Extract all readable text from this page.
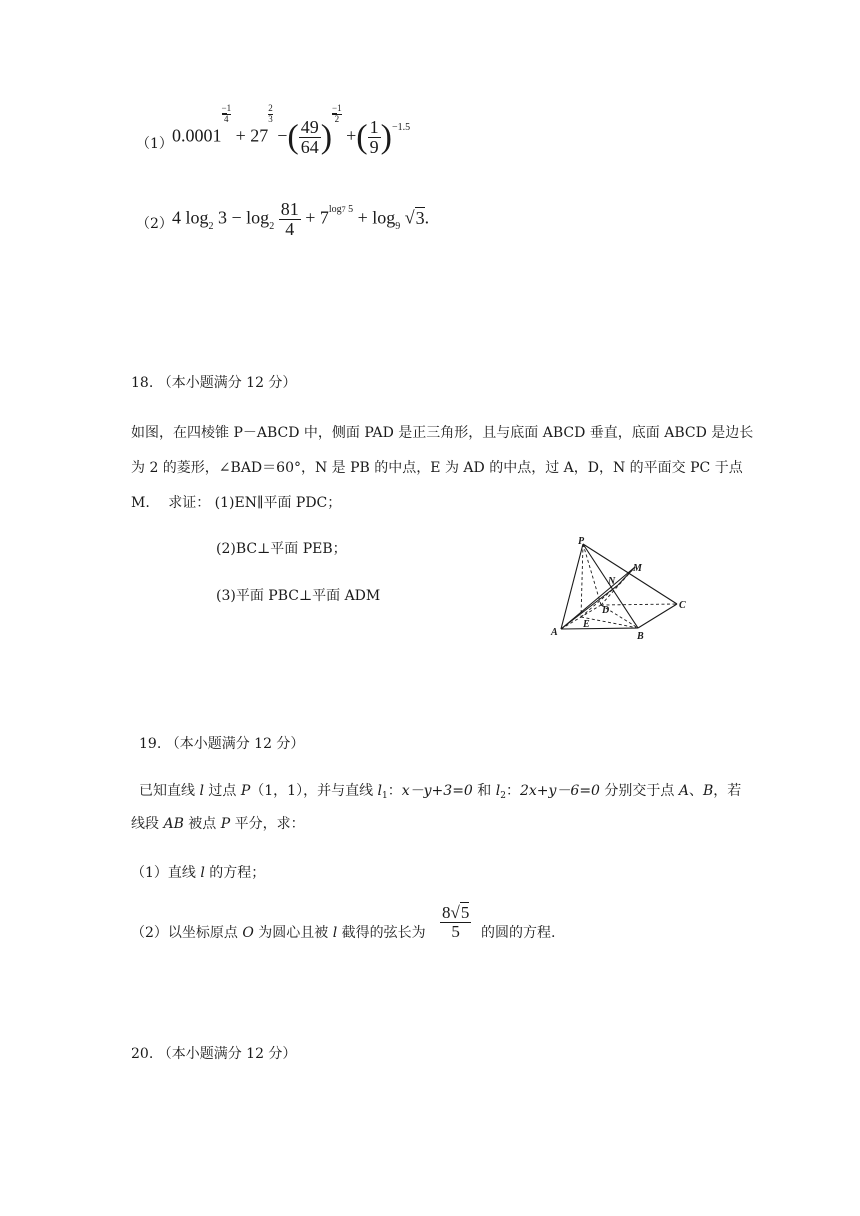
（1） 0.0001
$\frac{-1}{4}$
+ 27
$\frac{2}{3}$
−( $\frac{49}{64}$ )
$\frac{-1}{2}$
+( $\frac{1}{9} )^{-1.5}$
（2） 4 $\log_2 3 - \log_2 \frac{81}{4} + 7^{log7 5} + \log_9 √3$.
18. （本小题满分 12 分）
如图，在四棱锥 P－ABCD 中，侧面 PAD 是正三角形，且与底面 ABCD 垂直，底面 ABCD 是边长
为 2 的菱形，∠BAD＝60°，N 是 PB 的中点，E 为 AD 的中点，过 A，D，N 的平面交 PC 于点
M.　 求证： (1)EN∥平面 PDC；
(2)BC⊥平面 PEB；
(3)平面 PBC⊥平面 ADM
P
M
N
D	C
A
E
B
19. （本小题满分 12 分）
已知直线 l 过点 P（1，1），并与直线 $l_1$：x－y+3=0 和 $l_2$：2x+y－6=0 分别交于点 A、B，若
线段 AB 被点 P 平分，求：
（1）直线 l 的方程；
（2）以坐标原点 O 为圆心且被 l 截得的弦长为 $\frac{8√5}{5}$ 的圆的方程.
20. （本小题满分 12 分）
